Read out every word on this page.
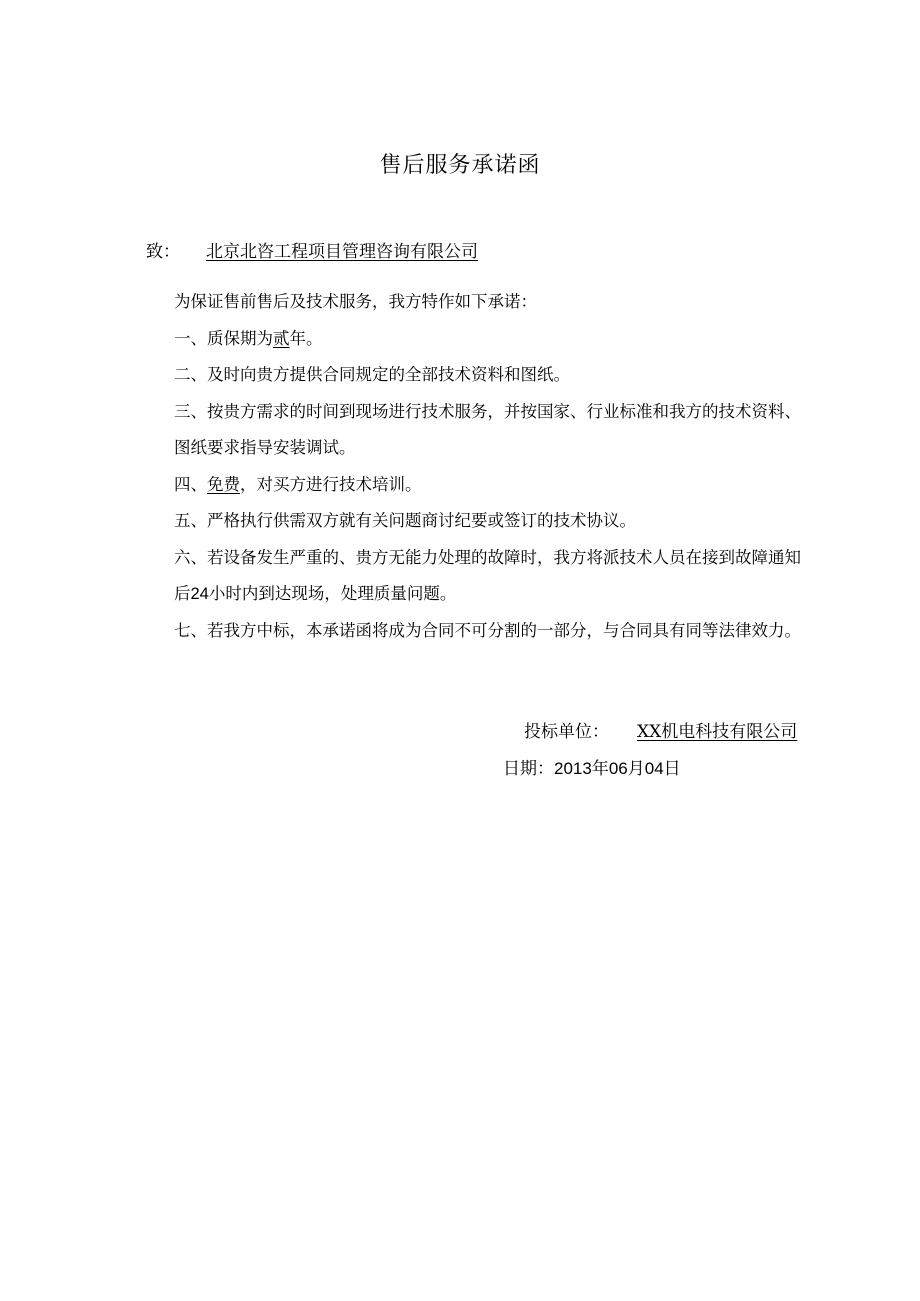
售后服务承诺函
致： 北京北咨工程项目管理咨询有限公司

为保证售前售后及技术服务，我方特作如下承诺：

一、质保期为贰年。

二、及时向贵方提供合同规定的全部技术资料和图纸。

三、按贵方需求的时间到现场进行技术服务，并按国家、行业标准和我方的技术资料、图纸要求指导安装调试。

四、免费，对买方进行技术培训。

五、严格执行供需双方就有关问题商讨纪要或签订的技术协议。

六、若设备发生严重的、贵方无能力处理的故障时，我方将派技术人员在接到故障通知后24小时内到达现场，处理质量问题。

七、若我方中标，本承诺函将成为合同不可分割的一部分，与合同具有同等法律效力。

投标单位： XX机电科技有限公司
日期：2013年06月04日
